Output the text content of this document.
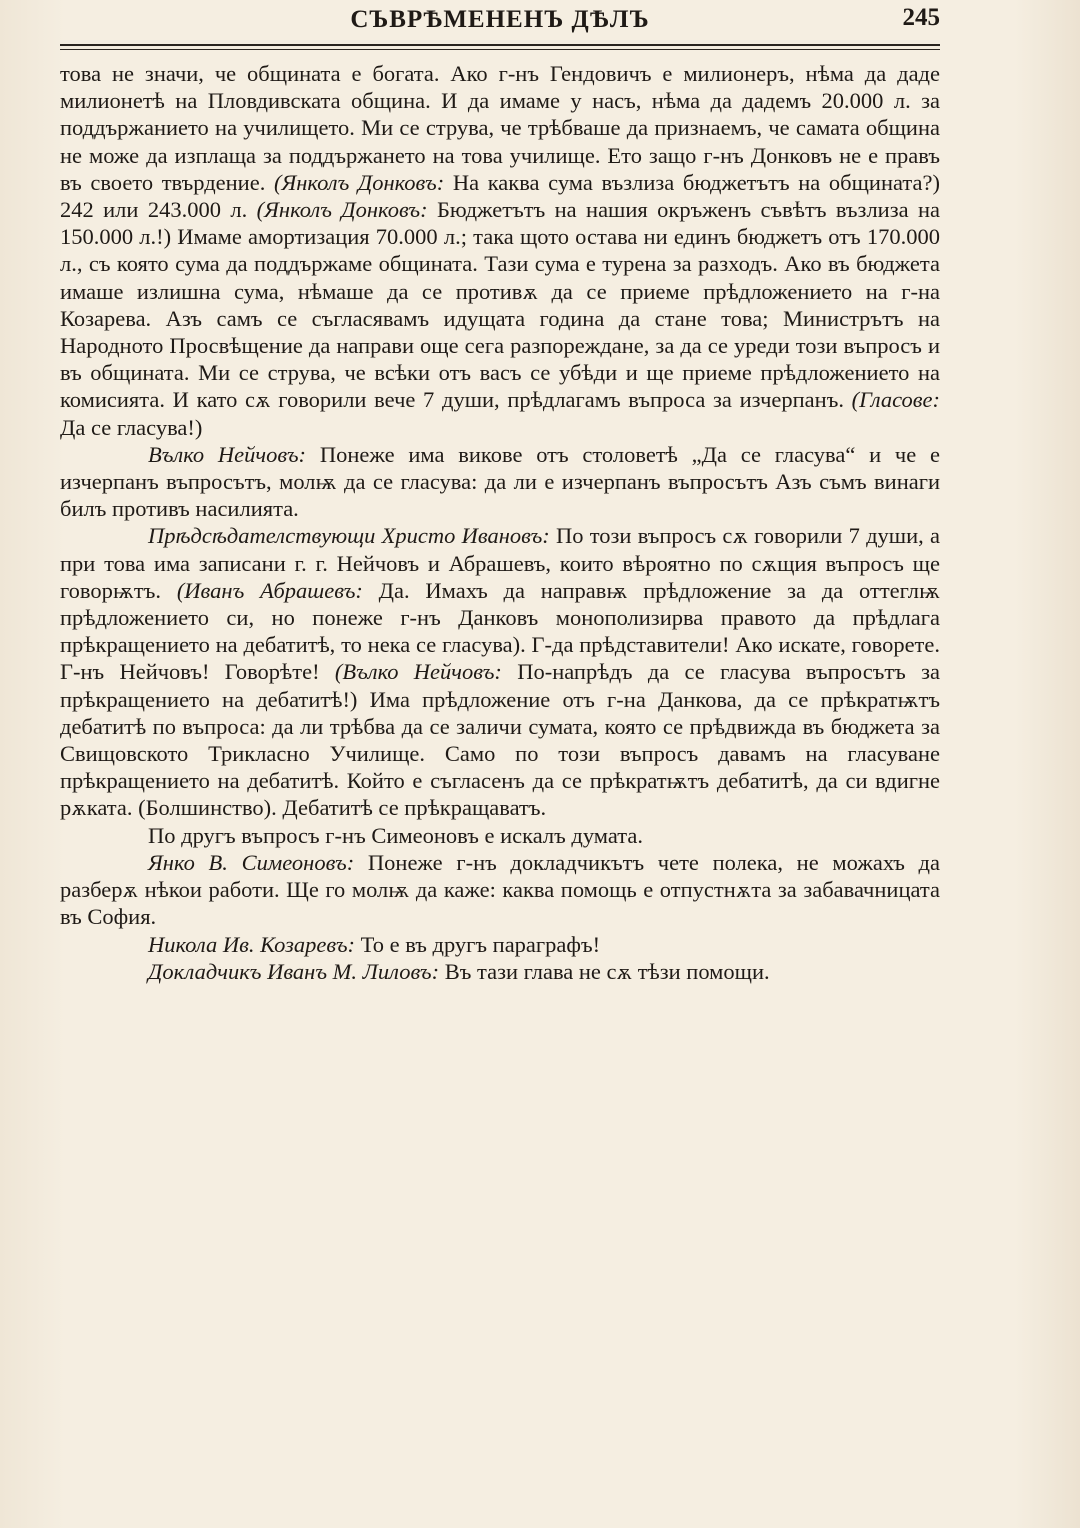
СЪВРѢМЕНЕНЪ ДѢЛЪ	245

това не значи, че общината е богата. Ако г-нъ Гендовичъ е милионеръ, нѣма да даде милионетѣ на Пловдивската община. И да имаме у насъ, нѣма да дадемъ 20.000 л. за поддържанието на училището. Ми се струва, че трѣбваше да признаемъ, че самата община не може да изплаща за поддържането на това училище. Ето защо г-нъ Донковъ не е правъ въ своето твърдение. (Янколъ Донковъ: На каква сума възлиза бюджетътъ на общината?) 242 или 243.000 л. (Янколъ Донковъ: Бюджетътъ на нашия окръженъ съвѣтъ възлиза на 150.000 л.!) Имаме амортизация 70.000 л.; така щото остава ни единъ бюджетъ отъ 170.000 л., съ която сума да поддържаме общината. Тази сума е турена за разходъ. Ако въ бюджета имаше излишна сума, нѣмаше да се противѫ да се приеме прѣдложението на г-на Козарева. Азъ самъ се съгласявамъ идущата година да стане това; Министрътъ на Народното Просвѣщение да направи още сега разпореждане, за да се уреди този въпросъ и въ общината. Ми се струва, че всѣки отъ васъ се убѣди и ще приеме прѣдложението на комисията. И като сѫ говорили вече 7 души, прѣдлагамъ въпроса за изчерпанъ. (Гласове: Да се гласува!)

Вълко Нейчовъ: Понеже има викове отъ столоветѣ „Да се гласува“ и че е изчерпанъ въпросътъ, молѭ да се гласува: да ли е изчерпанъ въпросътъ Азъ съмъ винаги билъ противъ насилията.

Прѣдсѣдателствующи Христо Ивановъ: По този въпросъ сѫ говорили 7 души, а при това има записани г. г. Нейчовъ и Абрашевъ, които вѣроятно по сѫщия въпросъ ще говорѭтъ. (Иванъ Абрашевъ: Да. Имахъ да направѭ прѣдложение за да оттеглѭ прѣдложението си, но понеже г-нъ Данковъ монополизирва правото да прѣдлага прѣкращението на дебатитѣ, то нека се гласува). Г-да прѣдставители! Ако искате, говорете. Г-нъ Нейчовъ! Говорѣте! (Вълко Нейчовъ: По-напрѣдъ да се гласува въпросътъ за прѣкращението на дебатитѣ!) Има прѣдложение отъ г-на Данкова, да се прѣкратѭтъ дебатитѣ по въпроса: да ли трѣбва да се заличи сумата, която се прѣдвижда въ бюджета за Свищовското Трикласно Училище. Само по този въпросъ давамъ на гласуване прѣкращението на дебатитѣ. Който е съгласенъ да се прѣкратѭтъ дебатитѣ, да си вдигне рѫката. (Болшинство). Дебатитѣ се прѣкращаватъ.

По другъ въпросъ г-нъ Симеоновъ е искалъ думата.

Янко В. Симеоновъ: Понеже г-нъ докладчикътъ чете полека, не можахъ да разберѫ нѣкои работи. Ще го молѭ да каже: каква помощь е отпустнѫта за забавачницата въ София.

Никола Ив. Козаревъ: То е въ другъ параграфъ!

Докладчикъ Иванъ М. Лиловъ: Въ тази глава не сѫ тѣзи помощи.
